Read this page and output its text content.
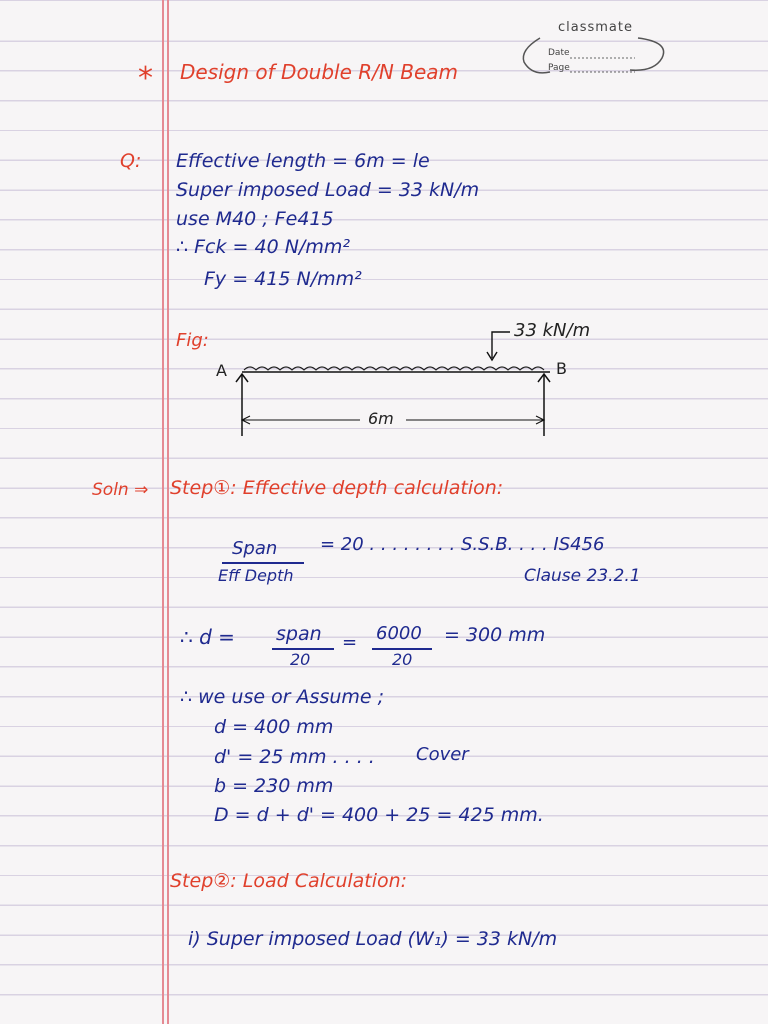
classmate
Date
Page
* Design of Double R/N Beam
Q: Effective length = 6m = le
Super imposed Load = 33 kN/m
use M40 ; Fe415
∴ Fck = 40 N/mm²
Fy = 415 N/mm²
Fig:	33 kN/m
A	B
6m
Soln ⇒ Step①: Effective depth calculation:
Span
Eff Depth
= 20 . . . . . . . . S.S.B. . . . IS456
Clause 23.2.1
∴ d = span
20
= 6000
20
= 300 mm
∴ we use or Assume ;
d = 400 mm
d' = 25 mm . . . . Cover
b = 230 mm
D = d + d' = 400 + 25 = 425 mm.
Step②: Load Calculation:
i) Super imposed Load (W₁) = 33 kN/m
